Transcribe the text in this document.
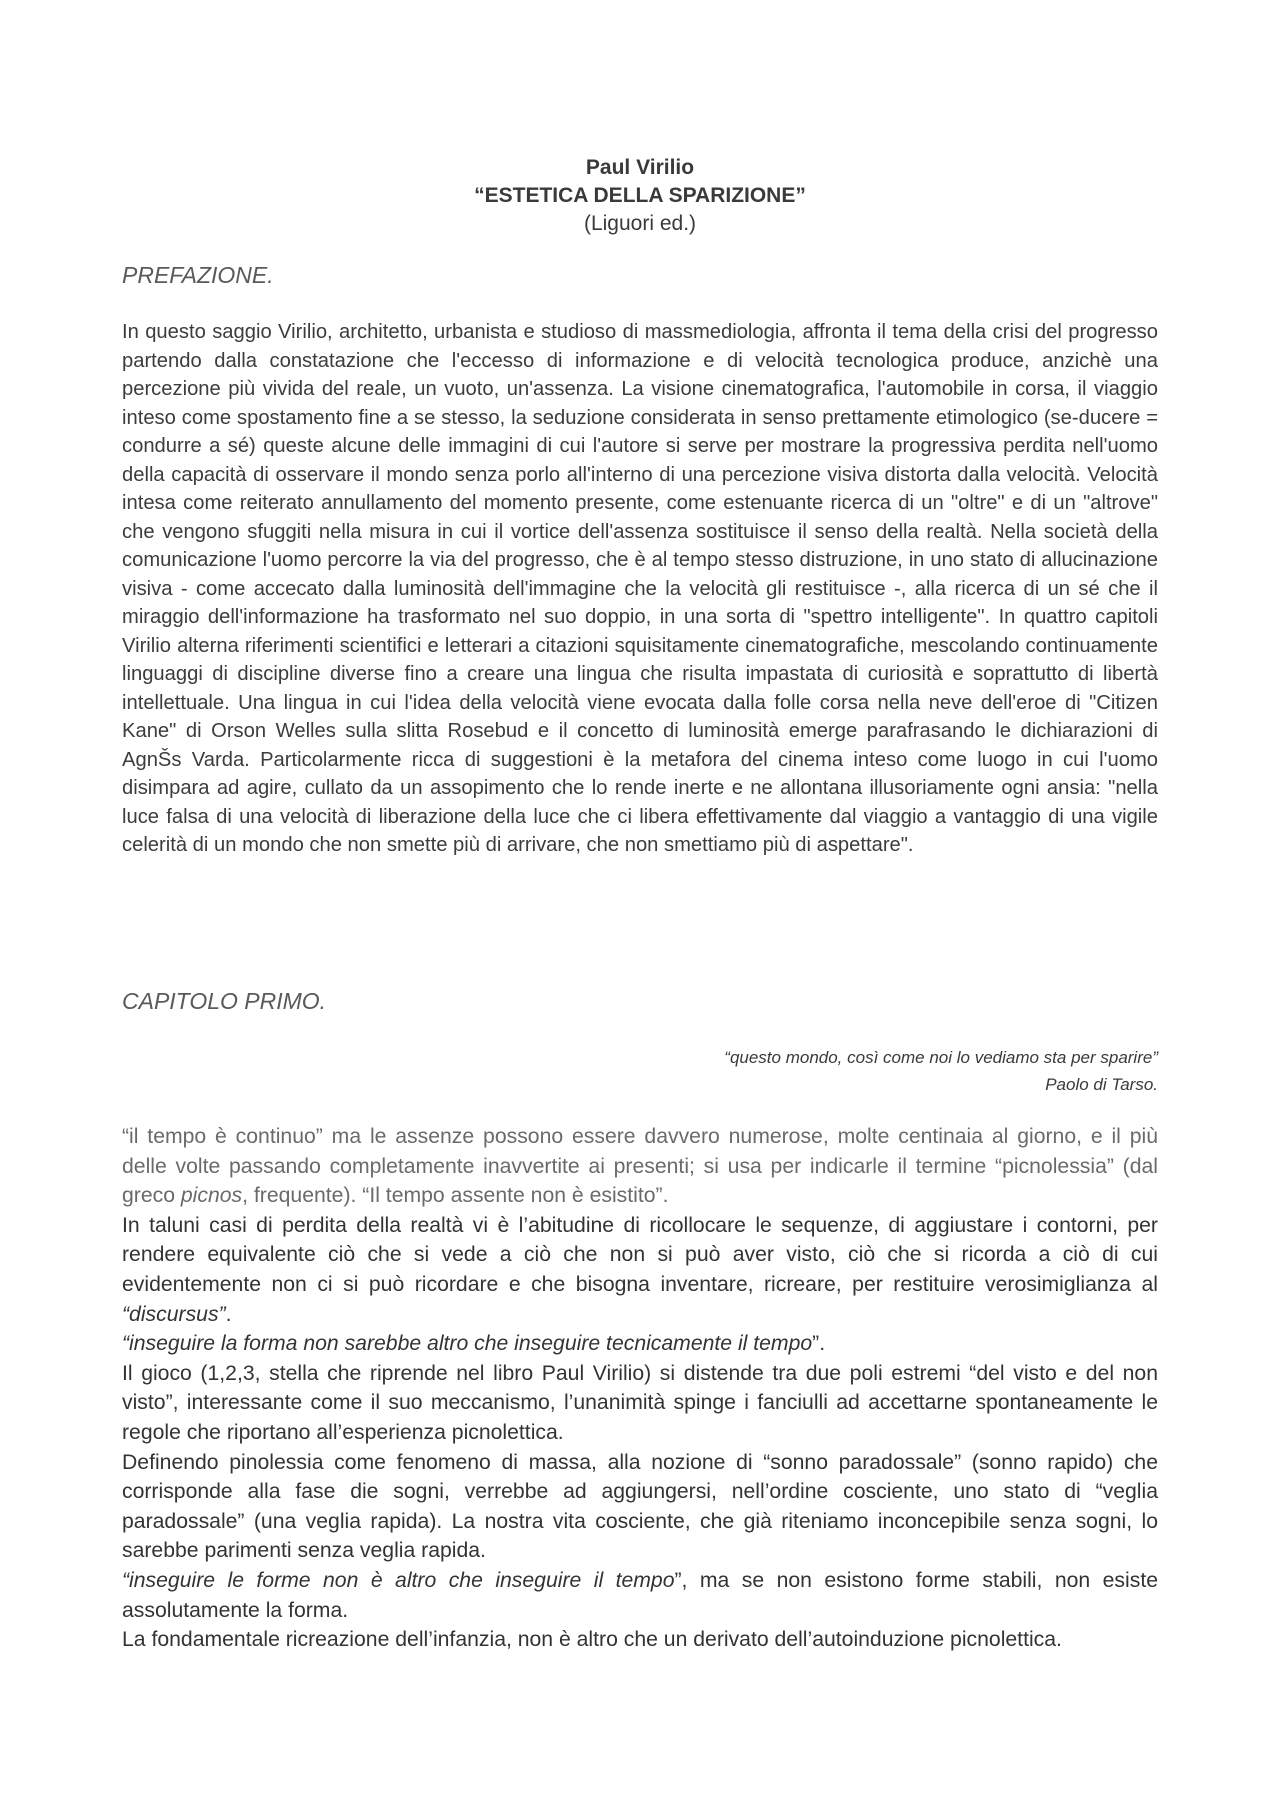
Paul Virilio
“ESTETICA DELLA SPARIZIONE”
(Liguori ed.)
PREFAZIONE.
In questo saggio Virilio, architetto, urbanista e studioso di massmediologia, affronta il tema della crisi del progresso partendo dalla constatazione che l'eccesso di informazione e di velocità tecnologica produce, anzichè una percezione più vivida del reale, un vuoto, un'assenza. La visione cinematografica, l'automobile in corsa, il viaggio inteso come spostamento fine a se stesso, la seduzione considerata in senso prettamente etimologico (se-ducere = condurre a sé) queste alcune delle immagini di cui l'autore si serve per mostrare la progressiva perdita nell'uomo della capacità di osservare il mondo senza porlo all'interno di una percezione visiva distorta dalla velocità. Velocità intesa come reiterato annullamento del momento presente, come estenuante ricerca di un "oltre" e di un "altrove" che vengono sfuggiti nella misura in cui il vortice dell'assenza sostituisce il senso della realtà. Nella società della comunicazione l'uomo percorre la via del progresso, che è al tempo stesso distruzione, in uno stato di allucinazione visiva - come accecato dalla luminosità dell'immagine che la velocità gli restituisce -, alla ricerca di un sé che il miraggio dell'informazione ha trasformato nel suo doppio, in una sorta di "spettro intelligente". In quattro capitoli Virilio alterna riferimenti scientifici e letterari a citazioni squisitamente cinematografiche, mescolando continuamente linguaggi di discipline diverse fino a creare una lingua che risulta impastata di curiosità e soprattutto di libertà intellettuale. Una lingua in cui l'idea della velocità viene evocata dalla folle corsa nella neve dell'eroe di "Citizen Kane" di Orson Welles sulla slitta Rosebud e il concetto di luminosità emerge parafrasando le dichiarazioni di AgnŠs Varda. Particolarmente ricca di suggestioni è la metafora del cinema inteso come luogo in cui l'uomo disimpara ad agire, cullato da un assopimento che lo rende inerte e ne allontana illusoriamente ogni ansia: "nella luce falsa di una velocità di liberazione della luce che ci libera effettivamente dal viaggio a vantaggio di una vigile celerità di un mondo che non smette più di arrivare, che non smettiamo più di aspettare".
CAPITOLO PRIMO.
“questo mondo, così come noi lo vediamo sta per sparire”
Paolo di Tarso.

“il tempo è continuo” ma le assenze possono essere davvero numerose, molte centinaia al giorno, e il più delle volte passando completamente inavvertite ai presenti; si usa per indicarle il termine “picnolessia” (dal greco picnos, frequente). “Il tempo assente non è esistito”.

In taluni casi di perdita della realtà vi è l’abitudine di ricollocare le sequenze, di aggiustare i contorni, per rendere equivalente ciò che si vede a ciò che non si può aver visto, ciò che si ricorda a ciò di cui evidentemente non ci si può ricordare e che bisogna inventare, ricreare, per restituire verosimiglianza al “discursus”.

“inseguire la forma non sarebbe altro che inseguire tecnicamente il tempo”.

Il gioco (1,2,3, stella che riprende nel libro Paul Virilio) si distende tra due poli estremi “del visto e del non visto”, interessante come il suo meccanismo, l’unanimità spinge i fanciulli ad accettarne spontaneamente le regole che riportano all’esperienza picnolettica.

Definendo pinolessia come fenomeno di massa, alla nozione di “sonno paradossale” (sonno rapido) che corrisponde alla fase die sogni, verrebbe ad aggiungersi, nell’ordine cosciente, uno stato di “veglia paradossale” (una veglia rapida). La nostra vita cosciente, che già riteniamo inconcepibile senza sogni, lo sarebbe parimenti senza veglia rapida.

“inseguire le forme non è altro che inseguire il tempo”, ma se non esistono forme stabili, non esiste assolutamente la forma.

La fondamentale ricreazione dell’infanzia, non è altro che un derivato dell’autoinduzione picnolettica.
